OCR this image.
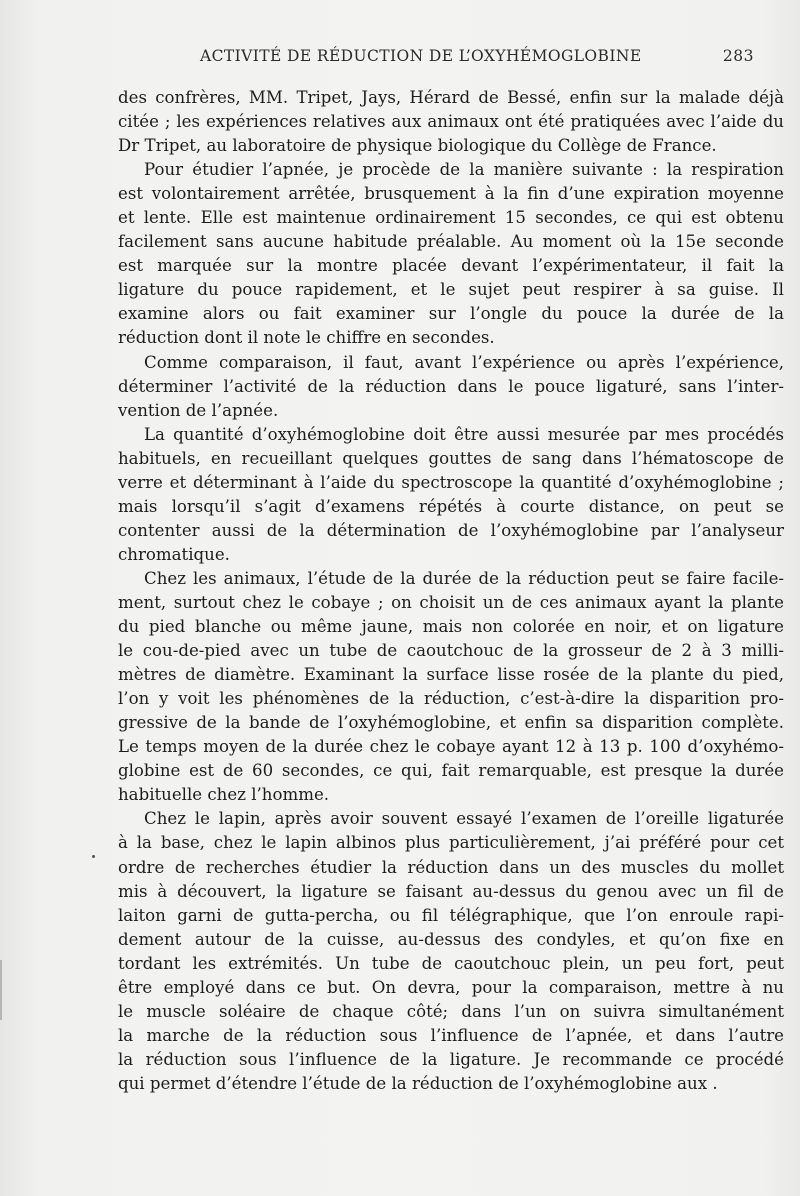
ACTIVITÉ DE RÉDUCTION DE L’OXYHÉMOGLOBINE	283

des confrères, MM. Tripet, Jays, Hérard de Bessé, enfin sur la malade déjà
citée ; les expériences relatives aux animaux ont été pratiquées avec l’aide du
Dr Tripet, au laboratoire de physique biologique du Collège de France.

Pour étudier l’apnée, je procède de la manière suivante : la respiration
est volontairement arrêtée, brusquement à la fin d’une expiration moyenne
et lente. Elle est maintenue ordinairement 15 secondes, ce qui est obtenu
facilement sans aucune habitude préalable. Au moment où la 15e seconde
est marquée sur la montre placée devant l’expérimentateur, il fait la
ligature du pouce rapidement, et le sujet peut respirer à sa guise. Il
examine alors ou fait examiner sur l’ongle du pouce la durée de la
réduction dont il note le chiffre en secondes.

Comme comparaison, il faut, avant l’expérience ou après l’expérience,
déterminer l’activité de la réduction dans le pouce ligaturé, sans l’inter-
vention de l’apnée.

La quantité d’oxyhémoglobine doit être aussi mesurée par mes procédés
habituels, en recueillant quelques gouttes de sang dans l’hématoscope de
verre et déterminant à l’aide du spectroscope la quantité d’oxyhémoglobine ;
mais lorsqu’il s’agit d’examens répétés à courte distance, on peut se
contenter aussi de la détermination de l’oxyhémoglobine par l’analyseur
chromatique.

Chez les animaux, l’étude de la durée de la réduction peut se faire facile-
ment, surtout chez le cobaye ; on choisit un de ces animaux ayant la plante
du pied blanche ou même jaune, mais non colorée en noir, et on ligature
le cou-de-pied avec un tube de caoutchouc de la grosseur de 2 à 3 milli-
mètres de diamètre. Examinant la surface lisse rosée de la plante du pied,
l’on y voit les phénomènes de la réduction, c’est-à-dire la disparition pro-
gressive de la bande de l’oxyhémoglobine, et enfin sa disparition complète.
Le temps moyen de la durée chez le cobaye ayant 12 à 13 p. 100 d’oxyhémo-
globine est de 60 secondes, ce qui, fait remarquable, est presque la durée
habituelle chez l’homme.

Chez le lapin, après avoir souvent essayé l’examen de l’oreille ligaturée
à la base, chez le lapin albinos plus particulièrement, j’ai préféré pour cet
ordre de recherches étudier la réduction dans un des muscles du mollet
mis à découvert, la ligature se faisant au-dessus du genou avec un fil de
laiton garni de gutta-percha, ou fil télégraphique, que l’on enroule rapi-
dement autour de la cuisse, au-dessus des condyles, et qu’on fixe en
tordant les extrémités. Un tube de caoutchouc plein, un peu fort, peut
être employé dans ce but. On devra, pour la comparaison, mettre à nu
le muscle soléaire de chaque côté; dans l’un on suivra simultanément
la marche de la réduction sous l’influence de l’apnée, et dans l’autre
la réduction sous l’influence de la ligature. Je recommande ce procédé
qui permet d’étendre l’étude de la réduction de l’oxyhémoglobine aux .
